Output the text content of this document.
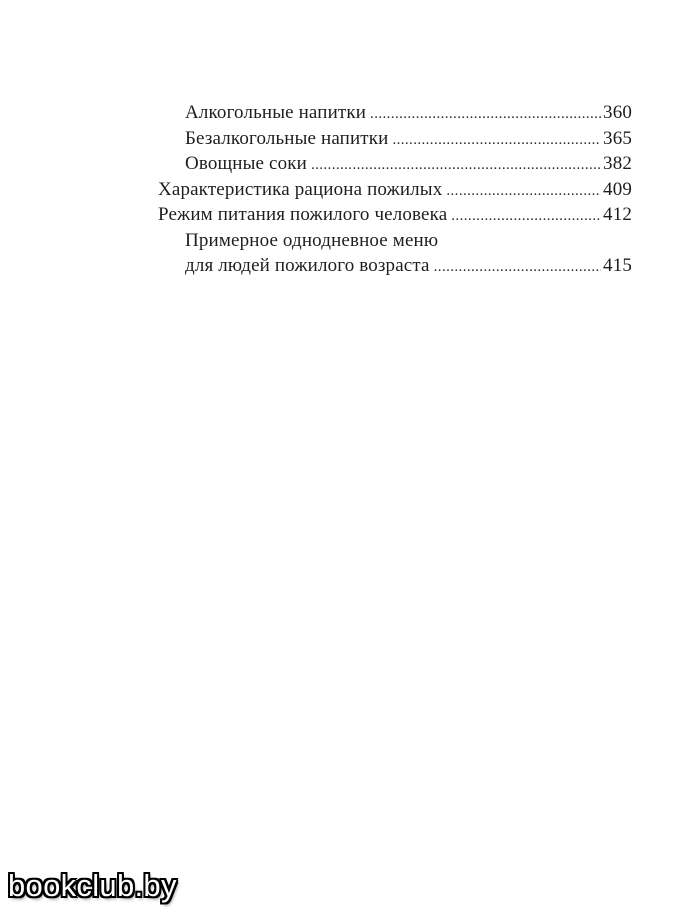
Алкогольные напитки .....	360
Безалкогольные напитки .....	365
Овощные соки .....	382
Характеристика рациона пожилых .....	409
Режим питания пожилого человека .....	412
Примерное однодневное меню
для людей пожилого возраста .....	415
bookclub.by
